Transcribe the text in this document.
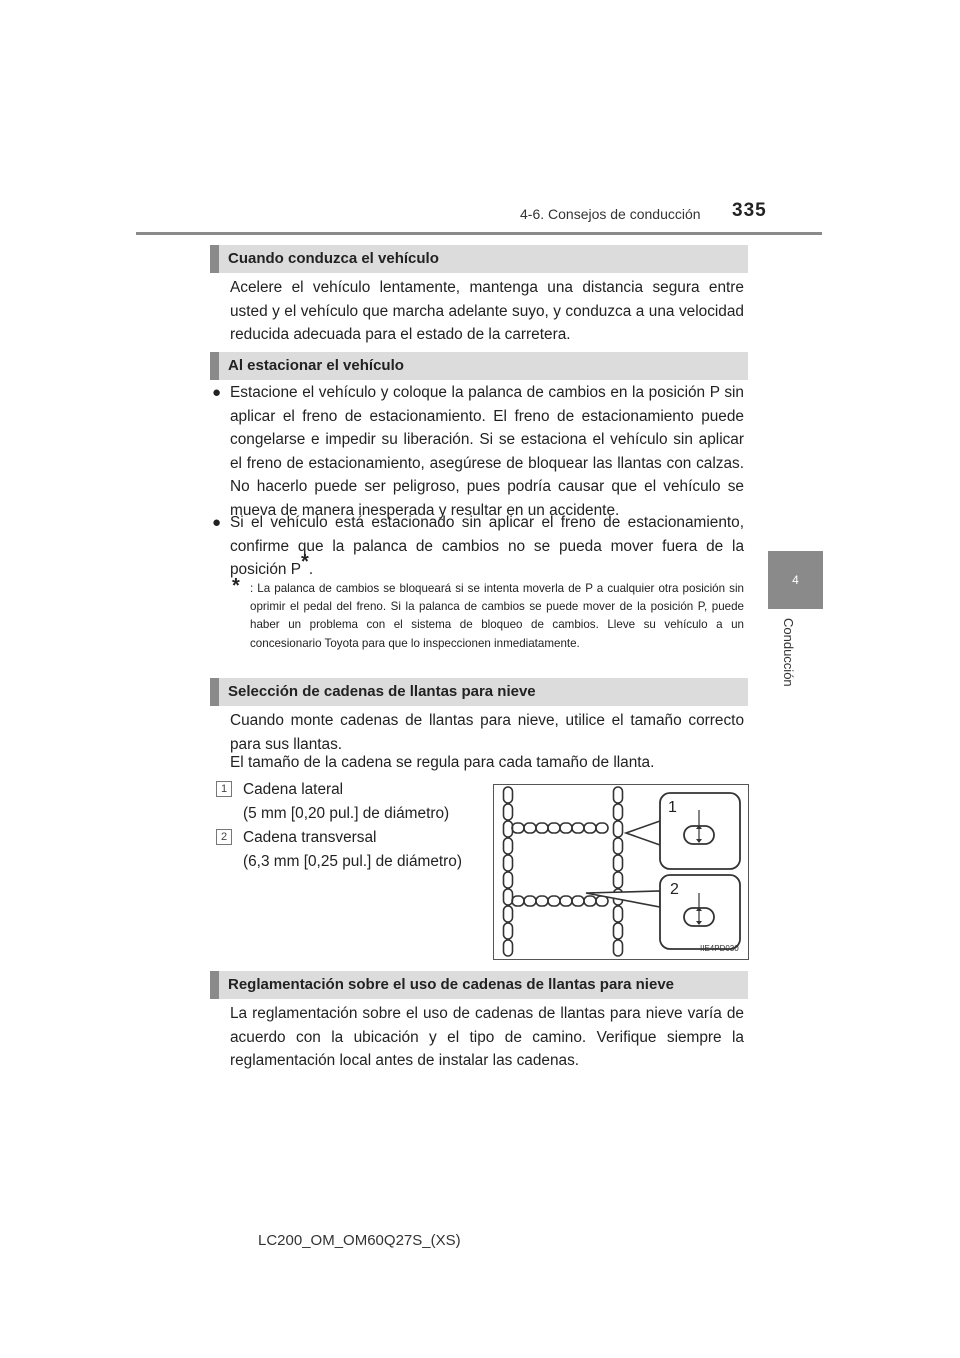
4-6. Consejos de conducción 335
4
Conducción
Cuando conduzca el vehículo
Acelere el vehículo lentamente, mantenga una distancia segura entre usted y el vehículo que marcha adelante suyo, y conduzca a una velocidad reducida adecuada para el estado de la carretera.
Al estacionar el vehículo
● Estacione el vehículo y coloque la palanca de cambios en la posición P sin aplicar el freno de estacionamiento. El freno de estacionamiento puede congelarse e impedir su liberación. Si se estaciona el vehículo sin aplicar el freno de estacionamiento, asegúrese de bloquear las llantas con calzas. No hacerlo puede ser peligroso, pues podría causar que el vehículo se mueva de manera inesperada y resultar en un accidente.
● Si el vehículo está estacionado sin aplicar el freno de estacionamiento, confirme que la palanca de cambios no se pueda mover fuera de la posición P*.
* : La palanca de cambios se bloqueará si se intenta moverla de P a cualquier otra posición sin oprimir el pedal del freno. Si la palanca de cambios se puede mover de la posición P, puede haber un problema con el sistema de bloqueo de cambios. Lleve su vehículo a un concesionario Toyota para que lo inspeccionen inmediatamente.
Selección de cadenas de llantas para nieve
Cuando monte cadenas de llantas para nieve, utilice el tamaño correcto para sus llantas.
El tamaño de la cadena se regula para cada tamaño de llanta.
1	Cadena lateral
(5 mm [0,20 pul.] de diámetro)
2	Cadena transversal
(6,3 mm [0,25 pul.] de diámetro)
1
2
IIE4PD030
Reglamentación sobre el uso de cadenas de llantas para nieve
La reglamentación sobre el uso de cadenas de llantas para nieve varía de acuerdo con la ubicación y el tipo de camino. Verifique siempre la reglamentación local antes de instalar las cadenas.
LC200_OM_OM60Q27S_(XS)
